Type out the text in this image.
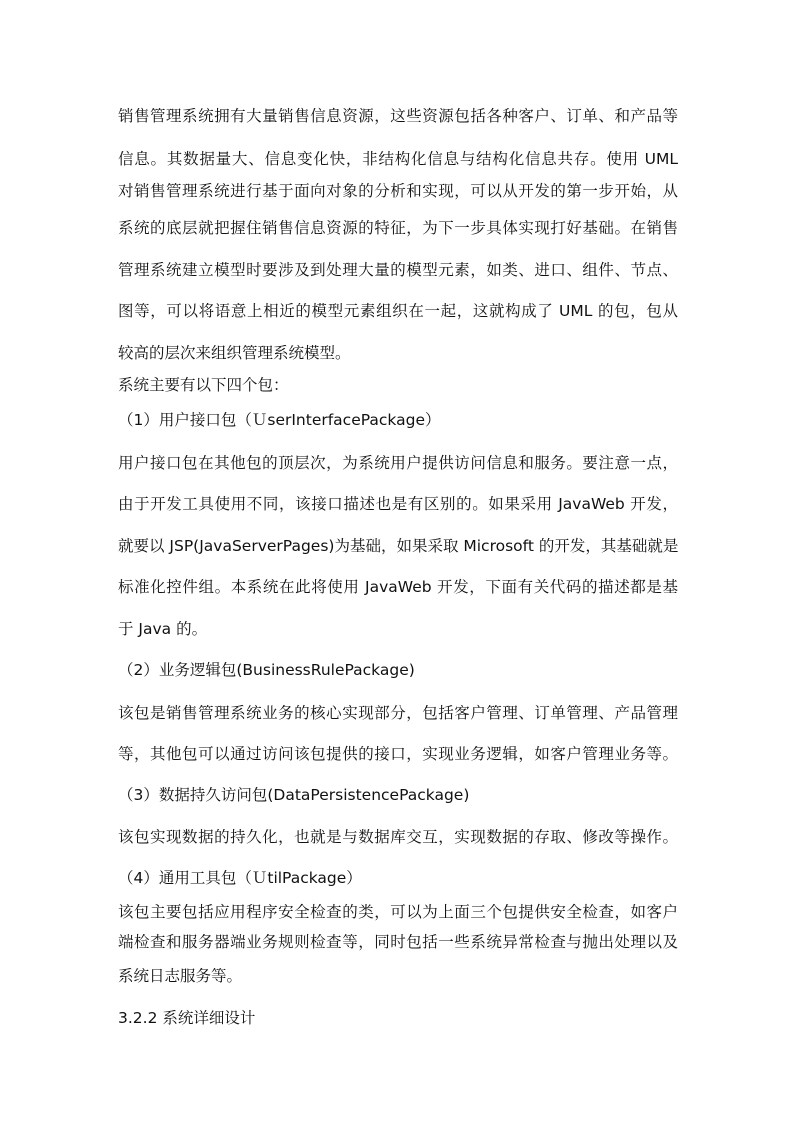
销售管理系统拥有大量销售信息资源，这些资源包括各种客户、订单、和产品等
信息。其数据量大、信息变化快，非结构化信息与结构化信息共存。使用 UML
对销售管理系统进行基于面向对象的分析和实现，可以从开发的第一步开始，从
系统的底层就把握住销售信息资源的特征，为下一步具体实现打好基础。在销售
管理系统建立模型时要涉及到处理大量的模型元素，如类、进口、组件、节点、
图等，可以将语意上相近的模型元素组织在一起，这就构成了 UML 的包，包从
较高的层次来组织管理系统模型。
系统主要有以下四个包：
（1）用户接口包（ＵserInterfacePackage）
用户接口包在其他包的顶层次，为系统用户提供访问信息和服务。要注意一点，
由于开发工具使用不同，该接口描述也是有区别的。如果采用 JavaWeb 开发，
就要以 JSP(JavaServerPages)为基础，如果采取 Microsoft 的开发，其基础就是
标准化控件组。本系统在此将使用 JavaWeb 开发，下面有关代码的描述都是基
于 Java 的。
（2）业务逻辑包(BusinessRulePackage)
该包是销售管理系统业务的核心实现部分，包括客户管理、订单管理、产品管理
等，其他包可以通过访问该包提供的接口，实现业务逻辑，如客户管理业务等。
（3）数据持久访问包(DataPersistencePackage)
该包实现数据的持久化，也就是与数据库交互，实现数据的存取、修改等操作。
（4）通用工具包（ＵtilPackage）
该包主要包括应用程序安全检查的类，可以为上面三个包提供安全检查，如客户
端检查和服务器端业务规则检查等，同时包括一些系统异常检查与抛出处理以及
系统日志服务等。
3.2.2 系统详细设计
